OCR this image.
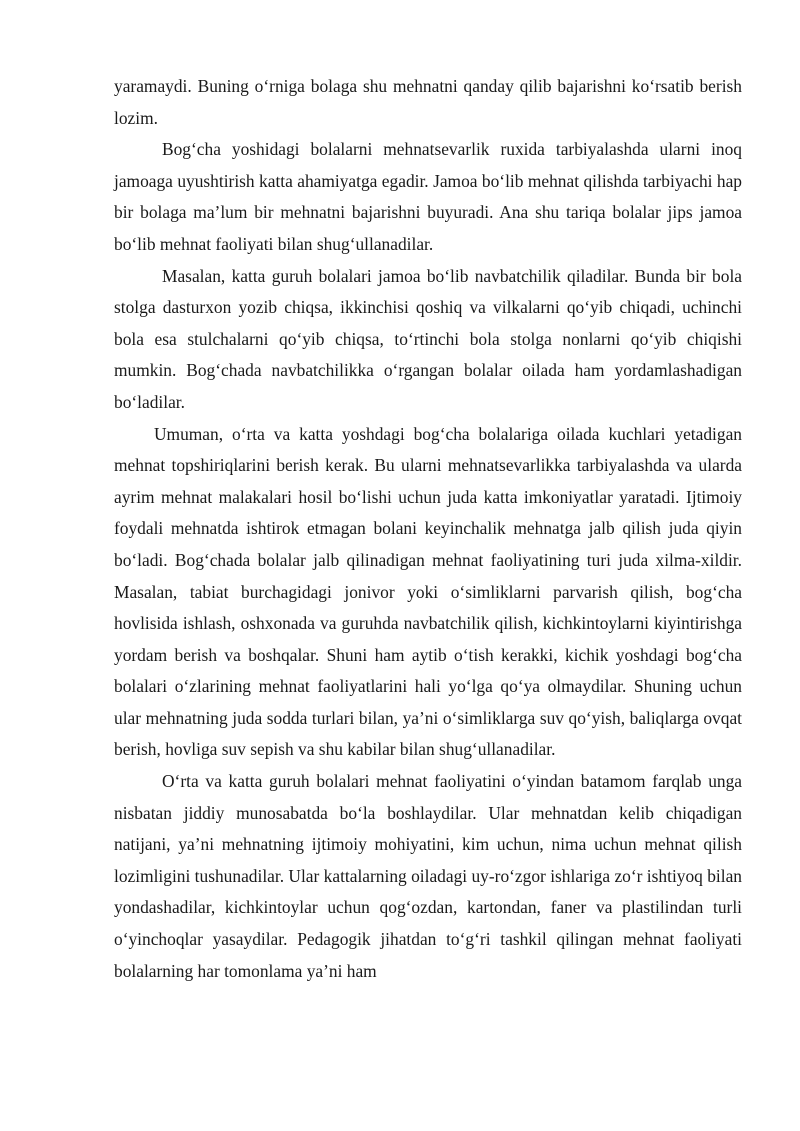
yaramaydi. Buning o‘rniga bolaga shu mehnatni qanday qilib bajarishni ko‘rsatib berish lozim.

Bog‘cha yoshidagi bolalarni mehnatsevarlik ruxida tarbiyalashda ularni inoq jamoaga uyushtirish katta ahamiyatga egadir. Jamoa bo‘lib mehnat qilishda tarbiyachi hap bir bolaga ma’lum bir mehnatni bajarishni buyuradi. Ana shu tariqa bolalar jips jamoa bo‘lib mehnat faoliyati bilan shug‘ullanadilar.

Masalan, katta guruh bolalari jamoa bo‘lib navbatchilik qiladilar. Bunda bir bola stolga dasturxon yozib chiqsa, ikkinchisi qoshiq va vilkalarni qo‘yib chiqadi, uchinchi bola esa stulchalarni qo‘yib chiqsa, to‘rtinchi bola stolga nonlarni qo‘yib chiqishi mumkin. Bog‘chada navbatchilikka o‘rgangan bolalar oilada ham yordamlashadigan bo‘ladilar.

Umuman, o‘rta va katta yoshdagi bog‘cha bolalariga oilada kuchlari yetadigan mehnat topshiriqlarini berish kerak. Bu ularni mehnatsevarlikka tarbiyalashda va ularda ayrim mehnat malakalari hosil bo‘lishi uchun juda katta imkoniyatlar yaratadi. Ijtimoiy foydali mehnatda ishtirok etmagan bolani keyinchalik mehnatga jalb qilish juda qiyin bo‘ladi. Bog‘chada bolalar jalb qilinadigan mehnat faoliyatining turi juda xilma-xildir. Masalan, tabiat burchagidagi jonivor yoki o‘simliklarni parvarish qilish, bog‘cha hovlisida ishlash, oshxonada va guruhda navbatchilik qilish, kichkintoylarni kiyintirishga yordam berish va boshqalar. Shuni ham aytib o‘tish kerakki, kichik yoshdagi bog‘cha bolalari o‘zlarining mehnat faoliyatlarini hali yo‘lga qo‘ya olmaydilar. Shuning uchun ular mehnatning juda sodda turlari bilan, ya’ni o‘simliklarga suv qo‘yish, baliqlarga ovqat berish, hovliga suv sepish va shu kabilar bilan shug‘ullanadilar.

O‘rta va katta guruh bolalari mehnat faoliyatini o‘yindan batamom farqlab unga nisbatan jiddiy munosabatda bo‘la boshlaydilar. Ular mehnatdan kelib chiqadigan natijani, ya’ni mehnatning ijtimoiy mohiyatini, kim uchun, nima uchun mehnat qilish lozimligini tushunadilar. Ular kattalarning oiladagi uy-ro‘zgor ishlariga zo‘r ishtiyoq bilan yondashadilar, kichkintoylar uchun qog‘ozdan, kartondan, faner va plastilindan turli o‘yinchoqlar yasaydilar. Pedagogik jihatdan to‘g‘ri tashkil qilingan mehnat faoliyati bolalarning har tomonlama ya’ni ham
